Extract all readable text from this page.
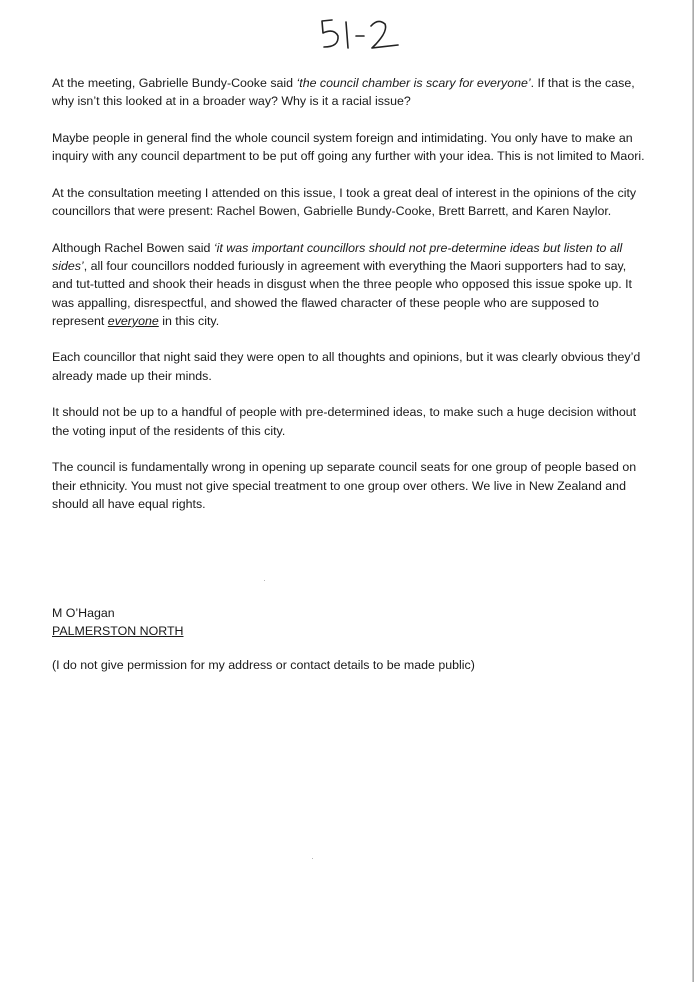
At the meeting, Gabrielle Bundy-Cooke said ‘the council chamber is scary for everyone’. If that is the case, why isn’t this looked at in a broader way? Why is it a racial issue?

Maybe people in general find the whole council system foreign and intimidating. You only have to make an inquiry with any council department to be put off going any further with your idea. This is not limited to Maori.

At the consultation meeting I attended on this issue, I took a great deal of interest in the opinions of the city councillors that were present: Rachel Bowen, Gabrielle Bundy-Cooke, Brett Barrett, and Karen Naylor.

Although Rachel Bowen said ‘it was important councillors should not pre-determine ideas but listen to all sides’, all four councillors nodded furiously in agreement with everything the Maori supporters had to say, and tut-tutted and shook their heads in disgust when the three people who opposed this issue spoke up. It was appalling, disrespectful, and showed the flawed character of these people who are supposed to represent everyone in this city.

Each councillor that night said they were open to all thoughts and opinions, but it was clearly obvious they’d already made up their minds.

It should not be up to a handful of people with pre-determined ideas, to make such a huge decision without the voting input of the residents of this city.

The council is fundamentally wrong in opening up separate council seats for one group of people based on their ethnicity. You must not give special treatment to one group over others. We live in New Zealand and should all have equal rights.

M O’Hagan
PALMERSTON NORTH
(I do not give permission for my address or contact details to be made public)
